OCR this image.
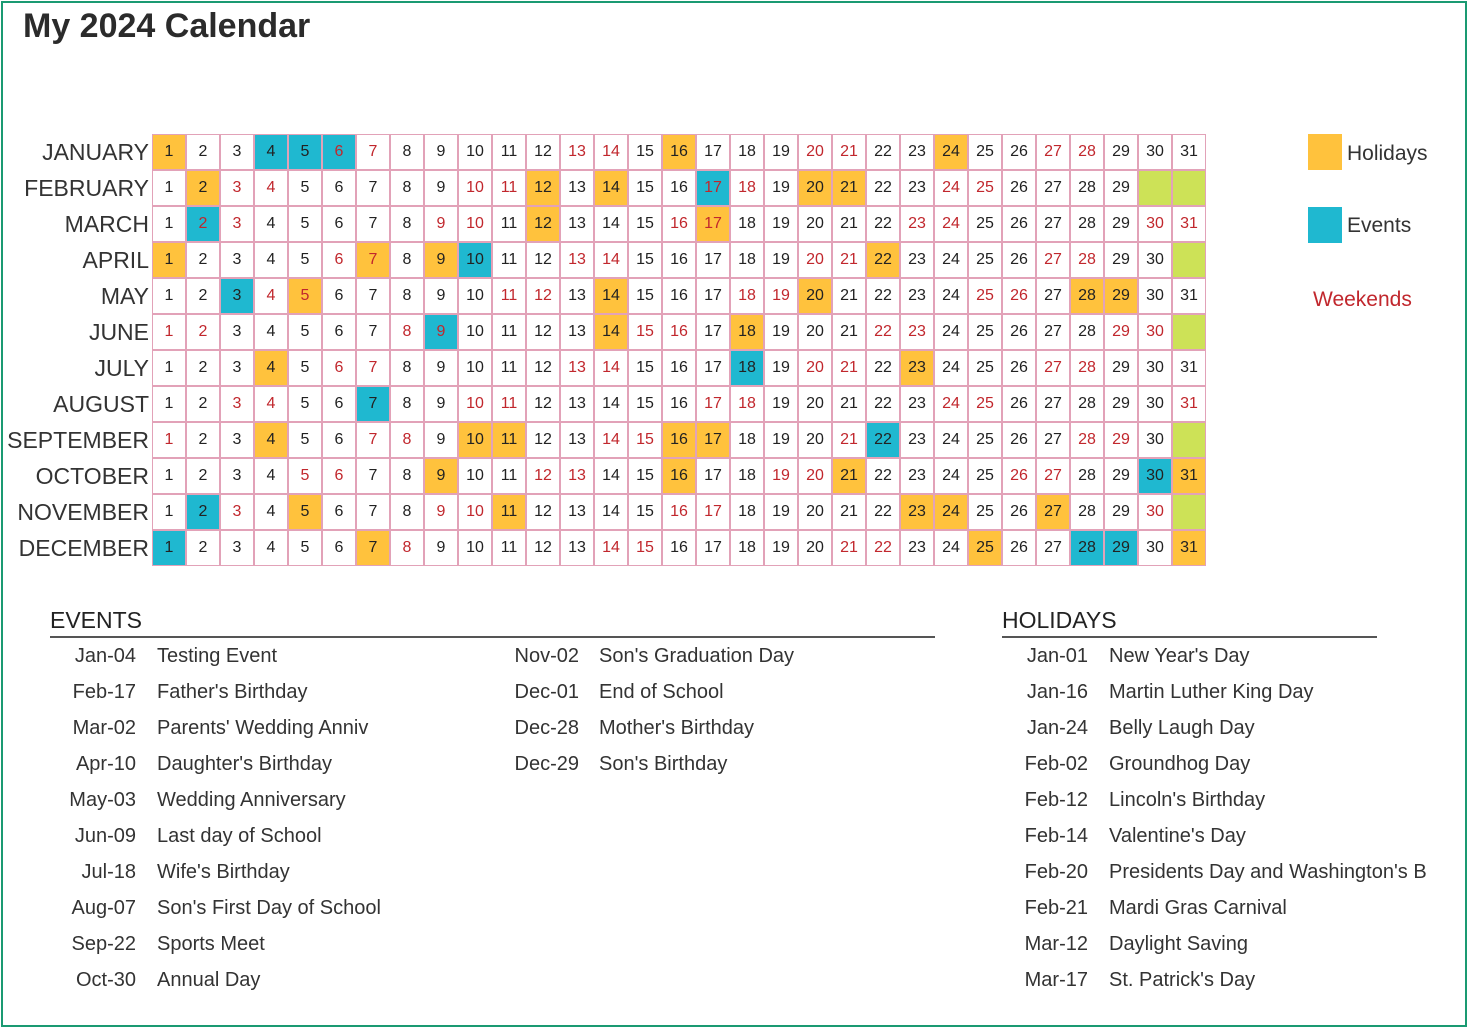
My 2024 Calendar
JANUARY 1	2	3	4	5	6	7	8	9	10	11	12	13	14	15	16	17	18	19	20	21	22	23	24	25	26	27	28	29	30	31
FEBRUARY 1	2	3	4	5	6	7	8	9	10	11	12	13	14	15	16	17	18	19	20	21	22	23	24	25	26	27	28	29
MARCH 1	2	3	4	5	6	7	8	9	10	11	12	13	14	15	16	17	18	19	20	21	22	23	24	25	26	27	28	29	30	31
APRIL 1	2	3	4	5	6	7	8	9	10	11	12	13	14	15	16	17	18	19	20	21	22	23	24	25	26	27	28	29	30
MAY 1	2	3	4	5	6	7	8	9	10	11	12	13	14	15	16	17	18	19	20	21	22	23	24	25	26	27	28	29	30	31
JUNE 1	2	3	4	5	6	7	8	9	10	11	12	13	14	15	16	17	18	19	20	21	22	23	24	25	26	27	28	29	30
JULY 1	2	3	4	5	6	7	8	9	10	11	12	13	14	15	16	17	18	19	20	21	22	23	24	25	26	27	28	29	30	31
AUGUST 1	2	3	4	5	6	7	8	9	10	11	12	13	14	15	16	17	18	19	20	21	22	23	24	25	26	27	28	29	30	31
SEPTEMBER 1	2	3	4	5	6	7	8	9	10	11	12	13	14	15	16	17	18	19	20	21	22	23	24	25	26	27	28	29	30
OCTOBER 1	2	3	4	5	6	7	8	9	10	11	12	13	14	15	16	17	18	19	20	21	22	23	24	25	26	27	28	29	30	31
NOVEMBER 1	2	3	4	5	6	7	8	9	10	11	12	13	14	15	16	17	18	19	20	21	22	23	24	25	26	27	28	29	30
DECEMBER 1	2	3	4	5	6	7	8	9	10	11	12	13	14	15	16	17	18	19	20	21	22	23	24	25	26	27	28	29	30	31
Holidays
Events
Weekends
EVENTS
Jan-04 Testing Event
Feb-17 Father's Birthday
Mar-02 Parents' Wedding Anniv
Apr-10 Daughter's Birthday
May-03 Wedding Anniversary
Jun-09 Last day of School
Jul-18 Wife's Birthday
Aug-07 Son's First Day of School
Sep-22 Sports Meet
Oct-30 Annual Day
Nov-02 Son's Graduation Day
Dec-01 End of School
Dec-28 Mother's Birthday
Dec-29 Son's Birthday
HOLIDAYS
Jan-01 New Year's Day
Jan-16 Martin Luther King Day
Jan-24 Belly Laugh Day
Feb-02 Groundhog Day
Feb-12 Lincoln's Birthday
Feb-14 Valentine's Day
Feb-20 Presidents Day and Washington's B
Feb-21 Mardi Gras Carnival
Mar-12 Daylight Saving
Mar-17 St. Patrick's Day
